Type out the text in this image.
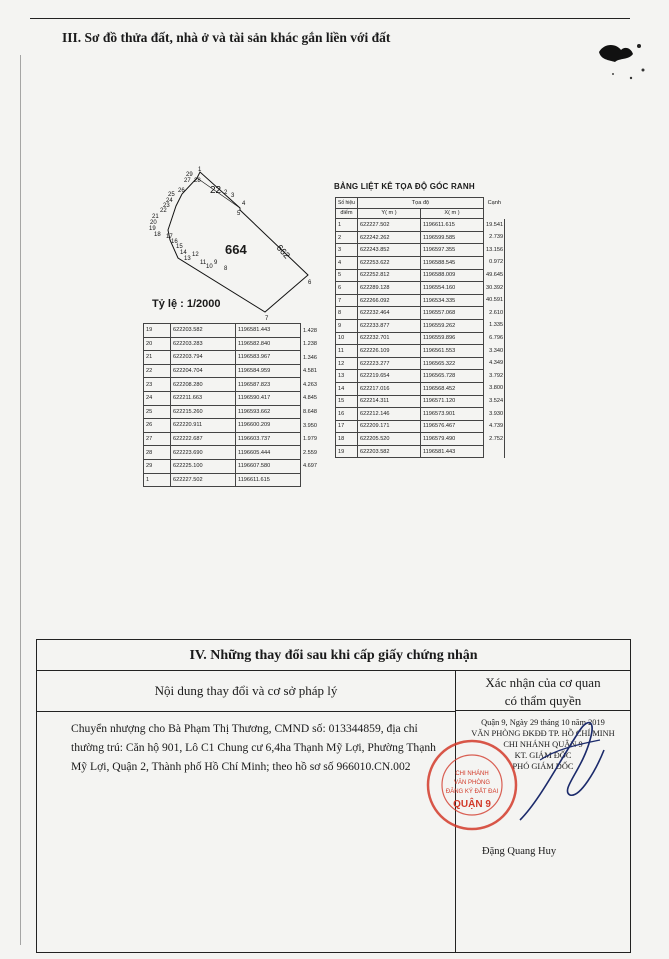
III. Sơ đồ thửa đất, nhà ở và tài sản khác gắn liền với đất
1
2 3
4
5
6
7
8
9
10
11
12
13
14
15
16
17
18
19
20
21
22
23
24
25
26
27 28
29
22
662
664
Tỷ lệ : 1/2000
BẢNG LIỆT KÊ TỌA ĐỘ GÓC RANH
Số hiệu	Tọa độ		Cạnh
điểm	Y( m )	X( m )	
1	622227.502	1196611.615	19.541
2	622242.262	1196599.585	2.739
3	622243.852	1196597.355	13.156
4	622253.622	1196588.545	0.972
5	622252.812	1196588.009	49.645
6	622289.128	1196554.160	30.392
7	622266.092	1196534.335	40.591
8	622232.464	1196557.068	2.610
9	622233.877	1196559.262	1.335
10	622232.701	1196559.896	6.796
11	622226.109	1196561.553	3.340
12	622223.277	1196565.322	4.349
13	622219.654	1196565.728	3.792
14	622217.016	1196568.452	3.800
15	622214.311	1196571.120	3.524
16	622212.146	1196573.901	3.930
17	622209.171	1196576.467	4.739
18	622205.520	1196579.490	2.752
19	622203.582	1196581.443	
19	622203.582	1196581.443	1.428
20	622203.283	1196582.840	1.238
21	622203.794	1196583.967	1.346
22	622204.704	1196584.959	4.581
23	622208.280	1196587.823	4.263
24	622211.663	1196590.417	4.845
25	622215.260	1196593.662	8.648
26	622220.911	1196600.209	3.950
27	622222.687	1196603.737	1.979
28	622223.690	1196605.444	2.559
29	622225.100	1196607.580	4.697
1	622227.502	1196611.615	
IV. Những thay đổi sau khi cấp giấy chứng nhận
Nội dung thay đổi và cơ sở pháp lý
Xác nhận của cơ quan
có thẩm quyền
Chuyển nhượng cho Bà Phạm Thị Thương, CMND số: 013344859, địa chỉ thường trú: Căn hộ 901, Lô C1 Chung cư 6,4ha Thạnh Mỹ Lợi, Phường Thạnh Mỹ Lợi, Quận 2, Thành phố Hồ Chí Minh; theo hồ sơ số 966010.CN.002
Quận 9, Ngày 29 tháng 10 năm 2019
VĂN PHÒNG ĐKĐĐ TP. HỒ CHÍ MINH
CHI NHÁNH QUẬN 9
KT. GIÁM ĐỐC
PHÓ GIÁM ĐỐC
CHI NHÁNH
VĂN PHÒNG
ĐĂNG KÝ ĐẤT ĐAI
QUẬN 9
Đặng Quang Huy
